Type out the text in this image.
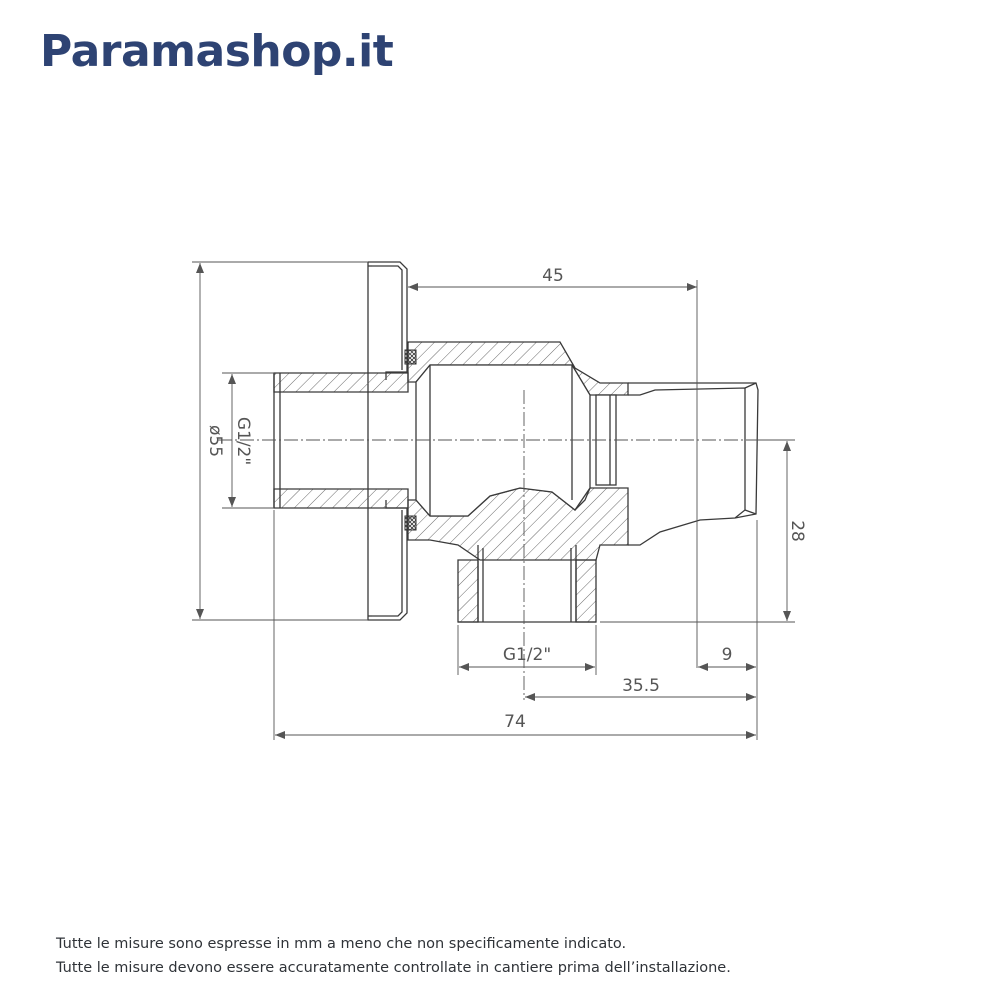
Paramashop.it
45
ø55 G1/2"
28
G1/2"	9
35.5
74
Tutte le misure sono espresse in mm a meno che non specificamente indicato.
Tutte le misure devono essere accuratamente controllate in cantiere prima dell’installazione.
